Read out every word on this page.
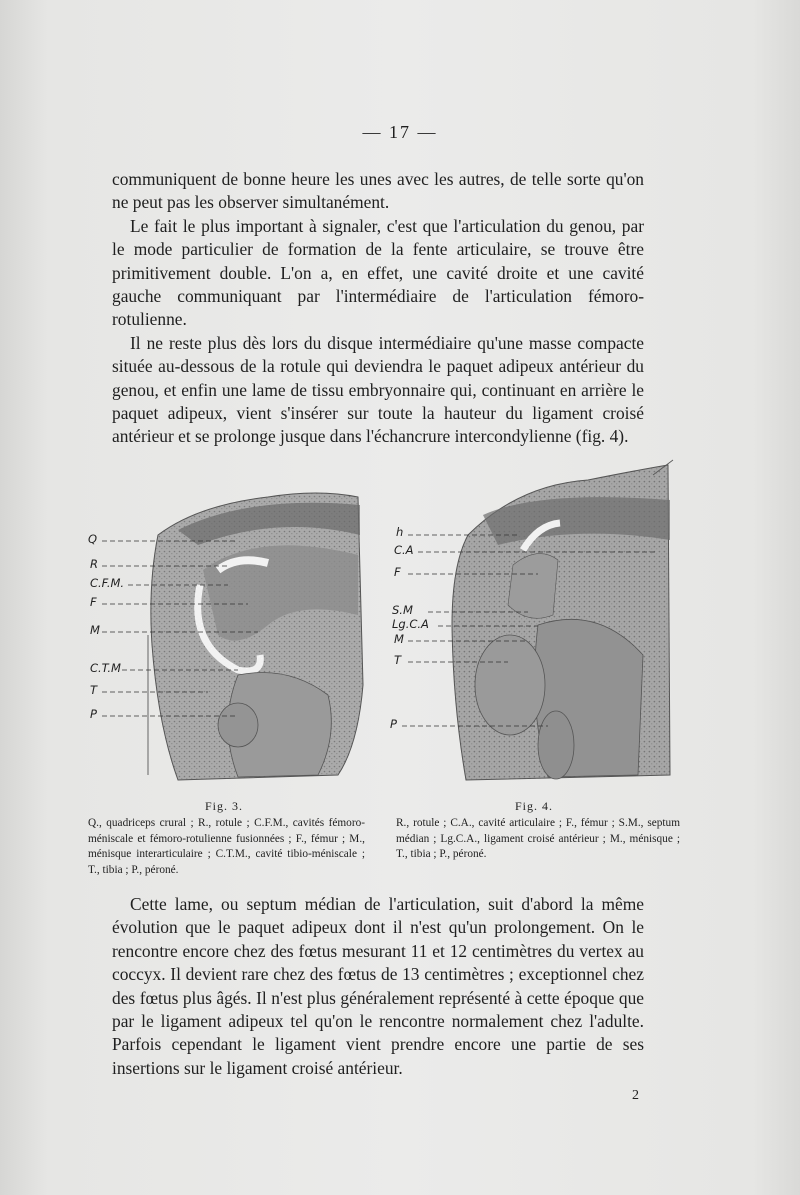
— 17 —

communiquent de bonne heure les unes avec les autres, de telle sorte qu'on ne peut pas les observer simultanément.

Le fait le plus important à signaler, c'est que l'articulation du genou, par le mode particulier de formation de la fente articulaire, se trouve être primitivement double. L'on a, en effet, une cavité droite et une cavité gauche communiquant par l'intermédiaire de l'articulation fémoro-rotulienne.

Il ne reste plus dès lors du disque intermédiaire qu'une masse compacte située au-dessous de la rotule qui deviendra le paquet adipeux antérieur du genou, et enfin une lame de tissu embryonnaire qui, continuant en arrière le paquet adipeux, vient s'insérer sur toute la hauteur du ligament croisé antérieur et se prolonge jusque dans l'échancrure intercondylienne (fig. 4).

Q
R
C.F.M.
F
M
C.T.M
T
P
h
C.A
F
S.M
Lg.C.A
M
T
P
Fig. 3.
Q., quadriceps crural ; R., rotule ; C.F.M., cavités fémoro-méniscale et fémoro-rotulienne fusionnées ; F., fémur ; M., ménisque interarticulaire ; C.T.M., cavité tibio-méniscale ; T., tibia ; P., péroné.
Fig. 4.
R., rotule ; C.A., cavité articulaire ; F., fémur ; S.M., septum médian ; Lg.C.A., ligament croisé antérieur ; M., ménisque ; T., tibia ; P., péroné.

Cette lame, ou septum médian de l'articulation, suit d'abord la même évolution que le paquet adipeux dont il n'est qu'un prolongement. On le rencontre encore chez des fœtus mesurant 11 et 12 centimètres du vertex au coccyx. Il devient rare chez des fœtus de 13 centimètres ; exceptionnel chez des fœtus plus âgés. Il n'est plus généralement représenté à cette époque que par le ligament adipeux tel qu'on le rencontre normalement chez l'adulte. Parfois cependant le ligament vient prendre encore une partie de ses insertions sur le ligament croisé antérieur.

2
